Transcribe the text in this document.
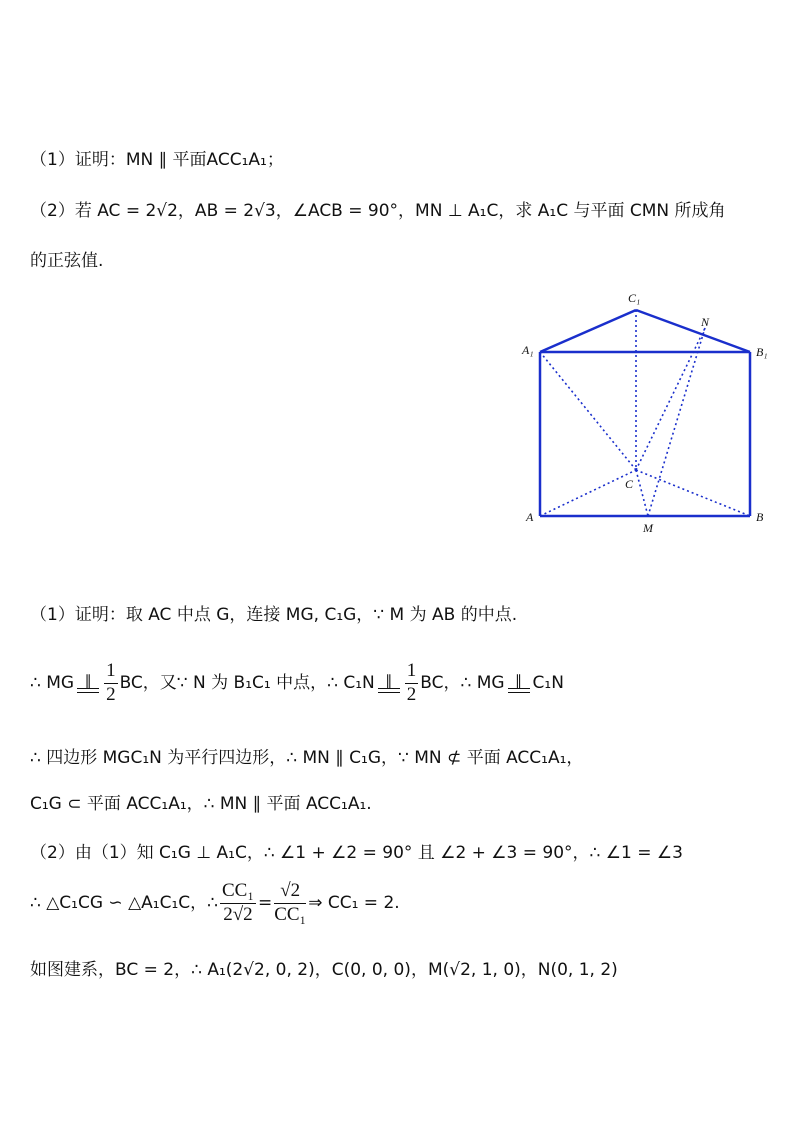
（1）证明：MN ∥ 平面ACC₁A₁；
（2）若 AC = 2√2，AB = 2√3，∠ACB = 90°，MN ⊥ A₁C，求 A₁C 与平面 CMN 所成角
的正弦值.
C₁
N
A₁	B₁
C
A	B
M
（1）证明：取 AC 中点 G，连接 MG, C₁G，∵ M 为 AB 的中点.
∴ MG ∥ $\frac{1}{2}$ BC，又∵ N 为 B₁C₁ 中点，∴ C₁N ∥ $\frac{1}{2}$ BC，∴ MG ∥ C₁N
∴ 四边形 MGC₁N 为平行四边形，∴ MN ∥ C₁G，∵ MN ⊄ 平面 ACC₁A₁，
C₁G ⊂ 平面 ACC₁A₁，∴ MN ∥ 平面 ACC₁A₁.
（2）由（1）知 C₁G ⊥ A₁C，∴ ∠1 + ∠2 = 90° 且 ∠2 + ∠3 = 90°，∴ ∠1 = ∠3
∴ △C₁CG ∽ △A₁C₁C，∴ $\frac{\text{CC₁}}{2√2} = \frac{√2}{\text{CC₁}}$ ⇒ CC₁ = 2.
如图建系，BC = 2，∴ A₁(2√2, 0, 2)，C(0, 0, 0)，M(√2, 1, 0)，N(0, 1, 2)
